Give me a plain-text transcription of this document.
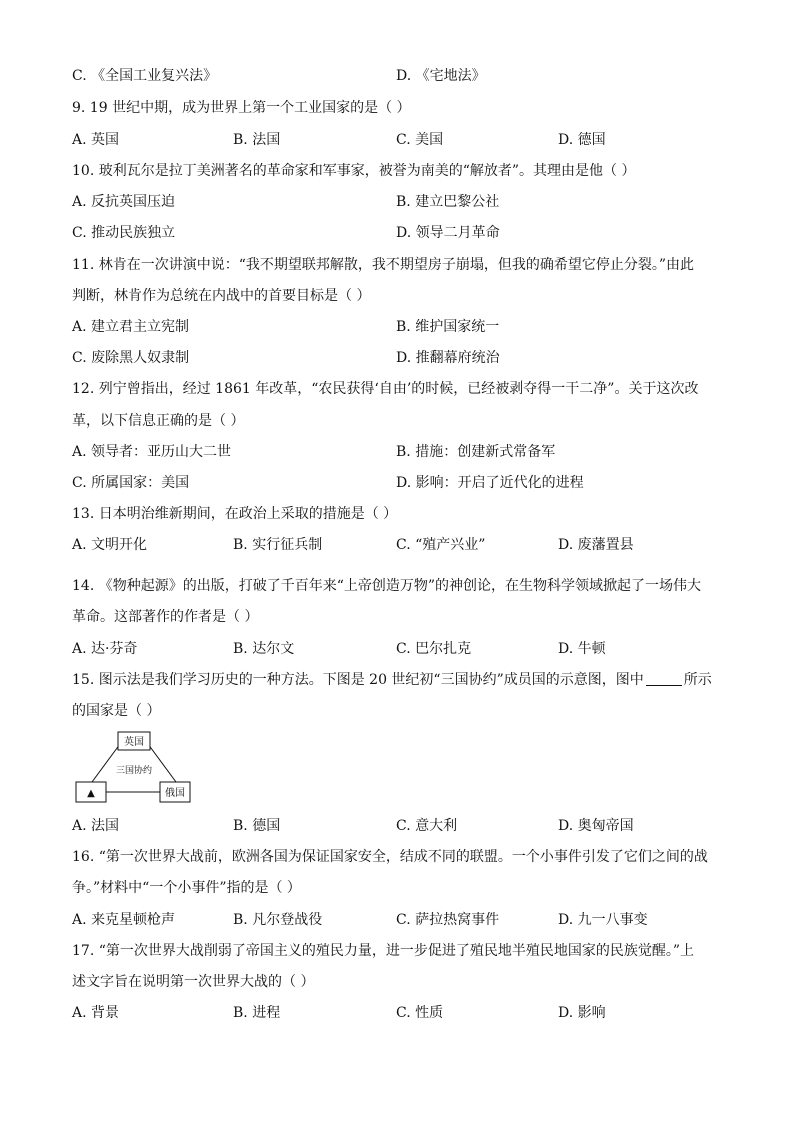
C. 《全国工业复兴法》	D. 《宅地法》
9. 19 世纪中期，成为世界上第一个工业国家的是（ ）
A. 英国	B. 法国	C. 美国	D. 德国
10. 玻利瓦尔是拉丁美洲著名的革命家和军事家，被誉为南美的“解放者”。其理由是他（ ）
A. 反抗英国压迫	B. 建立巴黎公社
C. 推动民族独立	D. 领导二月革命
11. 林肯在一次讲演中说：“我不期望联邦解散，我不期望房子崩塌，但我的确希望它停止分裂。”由此
判断，林肯作为总统在内战中的首要目标是（ ）
A. 建立君主立宪制	B. 维护国家统一
C. 废除黑人奴隶制	D. 推翻幕府统治
12. 列宁曾指出，经过 1861 年改革，“农民获得‘自由’的时候，已经被剥夺得一干二净”。关于这次改
革，以下信息正确的是（ ）
A. 领导者：亚历山大二世	B. 措施：创建新式常备军
C. 所属国家：美国	D. 影响：开启了近代化的进程
13. 日本明治维新期间，在政治上采取的措施是（ ）
A. 文明开化	B. 实行征兵制	C. “殖产兴业”	D. 废藩置县
14. 《物种起源》的出版，打破了千百年来“上帝创造万物”的神创论，在生物科学领域掀起了一场伟大
革命。这部著作的作者是（ ）
A. 达·芬奇	B. 达尔文	C. 巴尔扎克	D. 牛顿
15. 图示法是我们学习历史的一种方法。下图是 20 世纪初“三国协约”成员国的示意图，图中	所示
的国家是（ ）
英国
三国协约
▲	俄国
A. 法国	B. 德国	C. 意大利	D. 奥匈帝国
16. “第一次世界大战前，欧洲各国为保证国家安全，结成不同的联盟。一个小事件引发了它们之间的战
争。”材料中“一个小事件”指的是（ ）
A. 来克星顿枪声	B. 凡尔登战役	C. 萨拉热窝事件	D. 九一八事变
17. “第一次世界大战削弱了帝国主义的殖民力量，进一步促进了殖民地半殖民地国家的民族觉醒。”上
述文字旨在说明第一次世界大战的（ ）
A. 背景	B. 进程	C. 性质	D. 影响
